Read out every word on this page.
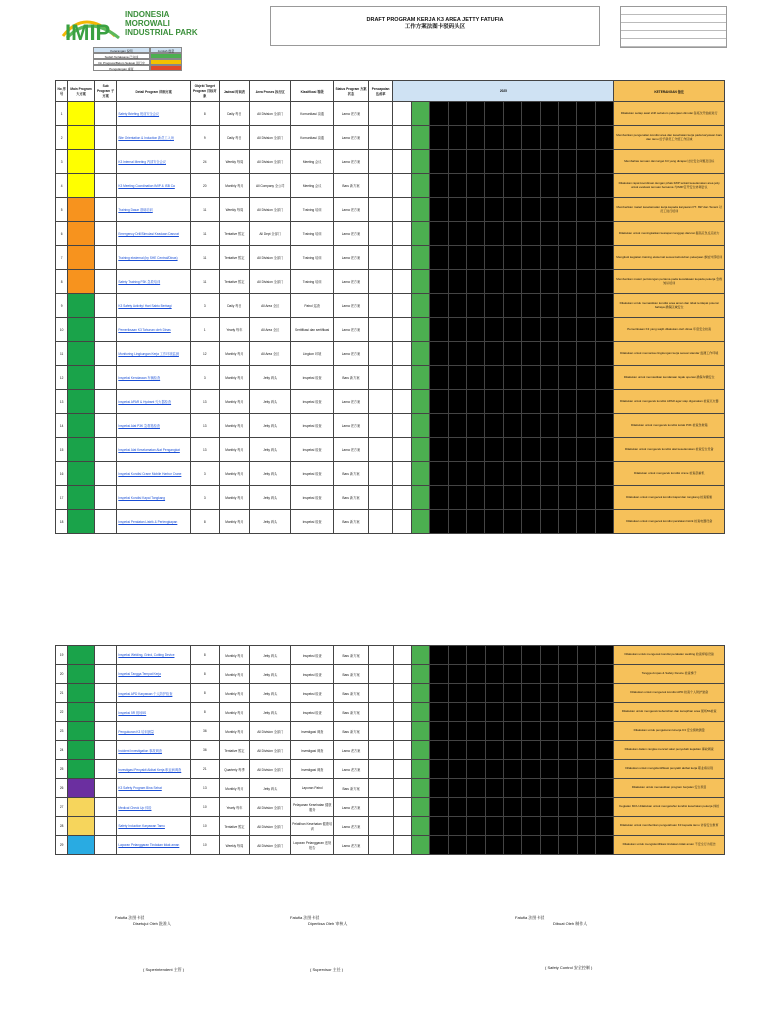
IMIP
INDONESIA
MOROWALI
INDUSTRIAL PARK
DRAFT PROGRAM KERJA K3 AREA JETTY FATUFIA
工作方案法图卡驳码头区
Keterangan 说明	Jumlah 数量
Sudah Terlaksana 已完成
On Progress/Belum Selesai 进行中
Pengulangan 重复
No 序号	Main Program 大方案	Sub Program 子方案	Detail Program 详细方案	Objekt Target Program 目标对象	Jadwal 时间表	Area Proses 执行区	Klasifikasi 等级	Status Program 方案状态	Pencapaian 达成率	2025												KETERANGAN 备注
1			Safety Briefing 班前安全会议	8	Daily 每日	All Division 全部门	Komunikasi 沟通	Lama 老方案														Dilakukan setiap awal shift sebelum pekerjaan dimulai 各班次开始前进行
2			Site Orientation & Induction 新员工入场	9	Daily 每日	All Division 全部门	Komunikasi 沟通	Lama 老方案														Memberikan pengenalan kondisi area dan kesehatan kerja pada karyawan baru dan tamu 给予新员工介绍工作区域
3			K3 Internal Meeting 内部安全会议	24	Weekly 每周	All Division 全部门	Meeting 会议	Lama 老方案														Membahas temuan dan target K3 yang dicapai 讨论安全问题及目标
4			K3 Meeting Coordination IMIP & ISB Ca	20	Monthly 每月	All Company 全公司	Meeting 会议	Baru 新方案														Dilakukan rapat koordinasi dengan pihak IMIP terkait keselamatan area jetty untuk evaluasi temuan bersama 与IMIP召开安全协调会议
5			Training Dasar 基础培训	11	Weekly 每周	All Division 全部门	Training 培训	Lama 老方案														Memberikan materi keselamatan kerja kepada karyawan PT. ISP dan Tenant 对员工进行培训
6			Emergency Drill/Simulasi Keadaan Darurat	11	Tentative 暂定	All Dept 全部门	Training 培训	Lama 老方案														Dilakukan untuk meningkatkan kesiapan tanggap darurat 提高应急反应能力
7			Training eksternal (by SHE Central/Dinas)	11	Tentative 暂定	All Division 全部门	Training 培训	Lama 老方案														Mengikuti kegiatan training eksternal sesuai kebutuhan pekerjaan 参加外部培训
8			Safety Training P3K 急救培训	11	Tentative 暂定	All Division 全部门	Training 培训	Lama 老方案														Memberikan materi pertolongan pertama pada kecelakaan kepada pekerja 急救知识培训
9			K3 Safety Activity/ Hari Sabtu Berbagi	3	Daily 每日	All Area 全区	Patrol 巡查	Lama 老方案														Dilakukan untuk memastikan kondisi area aman dan tidak terdapat potensi bahaya 确保区域安全
10			Pemeriksaan K3 Tahunan oleh Dinas	1	Yearly 每年	All Area 全区	Sertifikasi dan sertifikasi	Lama 老方案														Pemeriksaan K3 yang wajib dilakukan oleh dinas 年度安全检查
11			Monitoring Lingkungan Kerja 工作环境监测	12	Monthly 每月	All Area 全区	Lingkon 环境	Lama 老方案														Dilakukan untuk memantau lingkungan kerja sesuai standar 监测工作环境
12			Inspeksi Kendaraan 车辆检查	3	Monthly 每月	Jetty 码头	Inspeksi 检查	Baru 新方案														Dilakukan untuk memastikan kendaraan layak operasi 确保车辆安全
13			Inspeksi APAR & Hydrant 灭火器检查	13	Monthly 每月	Jetty 码头	Inspeksi 检查	Lama 老方案														Dilakukan untuk mengecek kondisi APAR agar siap digunakan 检查灭火器
14			Inspeksi Alat P3K 急救箱检查	13	Monthly 每月	Jetty 码头	Inspeksi 检查	Lama 老方案														Dilakukan untuk mengecek kondisi kotak P3K 检查急救箱
15			Inspeksi Alat Keselamatan Alat Pengangkat	13	Monthly 每月	Jetty 码头	Inspeksi 检查	Lama 老方案														Dilakukan untuk mengecek kondisi alat keselamatan 检查安全设备
16			Inspeksi Kondisi Crane Mobile Harbor Crane	3	Monthly 每月	Jetty 码头	Inspeksi 检查	Baru 新方案														Dilakukan untuk mengecek kondisi crane 检查起重机
17			Inspeksi Kondisi Kapal Tongkang	3	Monthly 每月	Jetty 码头	Inspeksi 检查	Baru 新方案														Dilakukan untuk mengecek kondisi kapal dan tongkang 检查船舶
18			Inspeksi Peralatan Listrik & Perlengkapan	8	Monthly 每月	Jetty 码头	Inspeksi 检查	Baru 新方案														Dilakukan untuk mengecek kondisi peralatan listrik 检查电器设备
19			Inspeksi Welding, Grind, Cutting Device	8	Monthly 每月	Jetty 码头	Inspeksi 检查	Baru 新方案														Dilakukan untuk mengecek kondisi peralatan welding 检查焊接设备
20			Inspeksi Tangga Tempat Kerja	8	Monthly 每月	Jetty 码头	Inspeksi 检查	Baru 新方案														Tangga Ampas & Safety Device 检查梯子
21			Inspeksi APD Karyawan 个人防护检查	8	Monthly 每月	Jetty 码头	Inspeksi 检查	Baru 新方案														Dilakukan untuk mengecek kondisi APD 检查个人防护装备
22			Inspeksi 5R 现场5S	8	Monthly 每月	Jetty 码头	Inspeksi 检查	Baru 新方案														Dilakukan untuk mengecek kebersihan dan kerapihan area 现场5S检查
23			Pengukuran K3 培训测量	36	Monthly 每月	All Division 全部门	Investigasi 调查	Baru 新方案														Dilakukan untuk pengukuran kinerja K3 安全绩效测量
24			Incident Investigation 事故调查	36	Tentative 暂定	All Division 全部门	Investigasi 调查	Lama 老方案														Dilakukan dalam rangka mencari akar penyebab kejadian 事故调查
25			Investigasi Penyakit Akibat Kerja 职业病调查	21	Quarterly 每季	All Division 全部门	Investigasi 调查	Lama 老方案														Dilakukan untuk mengidentifikasi penyakit akibat kerja 职业病识别
26			K3 Safety Program Bina Sehat	13	Monthly 每月	Jetty 码头	Laporan Patrol	Baru 新方案														Dilakukan untuk memastikan program berjalan 安全项目
27			Medical Check Up 体检	10	Yearly 每年	All Division 全部门	Pelayanan Kesehatan 健康服务	Lama 老方案														Kegiatan MCU dilakukan untuk mengetahui kondisi kesehatan pekerja 体检
28			Safety Induction Karyawan Tamu	10	Tentative 暂定	All Division 全部门	Pelatihan Kesehatan 健康培训	Lama 老方案														Dilakukan untuk memberikan pengetahuan K3 kepada tamu 访客安全教育
29			Laporan Pelanggaran Tindakan tidak aman	10	Weekly 每周	All Division 全部门	Laporan Pelanggaran 违规报告	Lama 老方案														Dilakukan untuk mengidentifikasi tindakan tidak aman 不安全行为报告
Fatufia 法图卡驳
Disetujui Oleh 批准人
( Superintendent 主管 )
Fatufia 法图卡驳
Diperiksa Oleh 审核人
( Supervisor 主任 )
Fatufia 法图卡驳
Dibuat Oleh 制作人
( Safety Control 安全控制 )
